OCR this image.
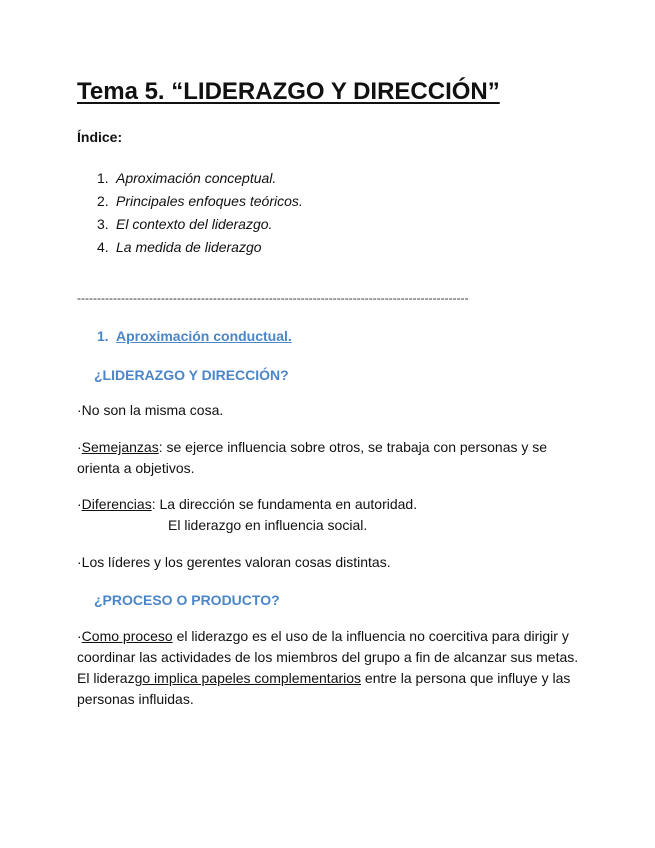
Tema 5. “LIDERAZGO Y DIRECCIÓN”
Índice:
1 . Aproximación conceptual.
2 . Principales enfoques teóricos.
3 . El contexto del liderazgo.
4 . La medida de liderazgo
--------------------------------------------------------------------------------------------------
1 . Aproximación conductual.
¿LIDERAZGO Y DIRECCIÓN?
·No son la misma cosa.
·Semejanzas: se ejerce influencia sobre otros, se trabaja con personas y se orienta a objetivos.
·Diferencias: La dirección se fundamenta en autoridad.
El liderazgo en influencia social.
·Los líderes y los gerentes valoran cosas distintas.
¿PROCESO O PRODUCTO?
·Como proceso el liderazgo es el uso de la influencia no coercitiva para dirigir y coordinar las actividades de los miembros del grupo a fin de alcanzar sus metas. El liderazgo implica papeles complementarios entre la persona que influye y las personas influidas.
